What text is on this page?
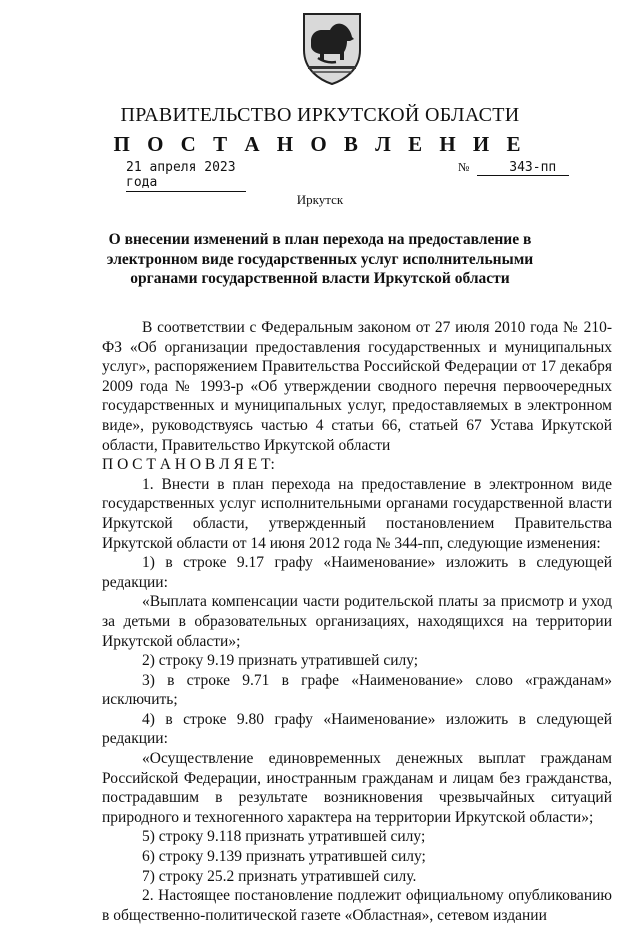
ПРАВИТЕЛЬСТВО ИРКУТСКОЙ ОБЛАСТИ
П О С Т А Н О В Л Е Н И Е
21 апреля 2023 года
№	343-пп
Иркутск
О внесении изменений в план перехода на предоставление в электронном виде государственных услуг исполнительными органами государственной власти Иркутской области

В соответствии с Федеральным законом от 27 июля 2010 года № 210-ФЗ «Об организации предоставления государственных и муниципальных услуг», распоряжением Правительства Российской Федерации от 17 декабря 2009 года № 1993-р «Об утверждении сводного перечня первоочередных государственных и муниципальных услуг, предоставляемых в электронном виде», руководствуясь частью 4 статьи 66, статьей 67 Устава Иркутской области, Правительство Иркутской области

П О С Т А Н О В Л Я Е Т:

1. Внести в план перехода на предоставление в электронном виде государственных услуг исполнительными органами государственной власти Иркутской области, утвержденный постановлением Правительства Иркутской области от 14 июня 2012 года № 344-пп, следующие изменения:

1) в строке 9.17 графу «Наименование» изложить в следующей редакции:

«Выплата компенсации части родительской платы за присмотр и уход за детьми в образовательных организациях, находящихся на территории Иркутской области»;

2) строку 9.19 признать утратившей силу;

3) в строке 9.71 в графе «Наименование» слово «гражданам» исключить;

4) в строке 9.80 графу «Наименование» изложить в следующей редакции:

«Осуществление единовременных денежных выплат гражданам Российской Федерации, иностранным гражданам и лицам без гражданства, пострадавшим в результате возникновения чрезвычайных ситуаций природного и техногенного характера на территории Иркутской области»;

5) строку 9.118 признать утратившей силу;

6) строку 9.139 признать утратившей силу;

7) строку 25.2 признать утратившей силу.

2. Настоящее постановление подлежит официальному опубликованию в общественно-политической газете «Областная», сетевом издании
